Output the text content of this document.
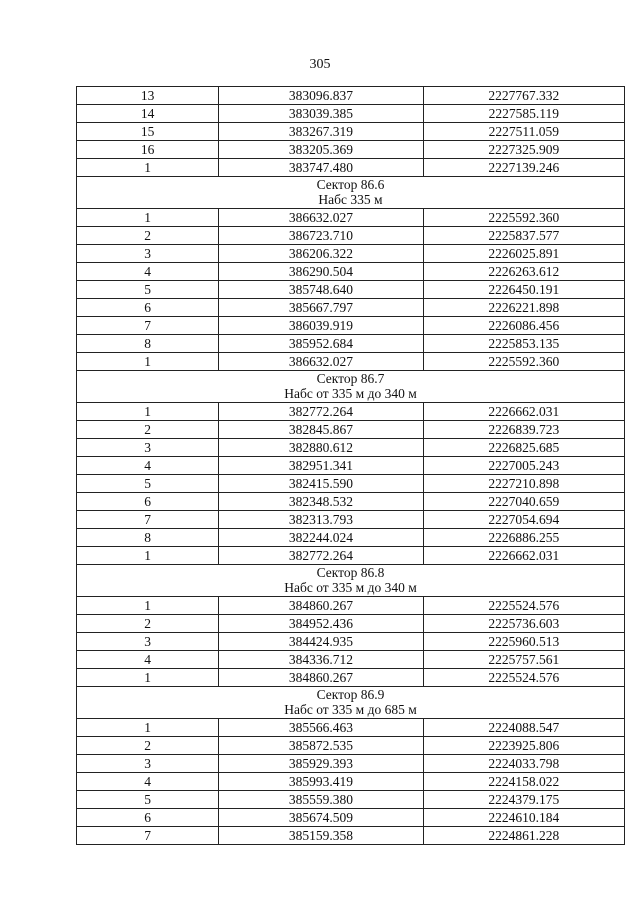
305
13	383096.837	2227767.332
14	383039.385	2227585.119
15	383267.319	2227511.059
16	383205.369	2227325.909
1	383747.480	2227139.246

Сектор 86.6
Набс 335 м		

1	386632.027	2225592.360
2	386723.710	2225837.577
3	386206.322	2226025.891
4	386290.504	2226263.612
5	385748.640	2226450.191
6	385667.797	2226221.898
7	386039.919	2226086.456
8	385952.684	2225853.135
1	386632.027	2225592.360

Сектор 86.7
Набс от 335 м до 340 м		

1	382772.264	2226662.031
2	382845.867	2226839.723
3	382880.612	2226825.685
4	382951.341	2227005.243
5	382415.590	2227210.898
6	382348.532	2227040.659
7	382313.793	2227054.694
8	382244.024	2226886.255
1	382772.264	2226662.031

Сектор 86.8
Набс от 335 м до 340 м		

1	384860.267	2225524.576
2	384952.436	2225736.603
3	384424.935	2225960.513
4	384336.712	2225757.561
1	384860.267	2225524.576

Сектор 86.9
Набс от 335 м до 685 м		

1	385566.463	2224088.547
2	385872.535	2223925.806
3	385929.393	2224033.798
4	385993.419	2224158.022
5	385559.380	2224379.175
6	385674.509	2224610.184
7	385159.358	2224861.228
